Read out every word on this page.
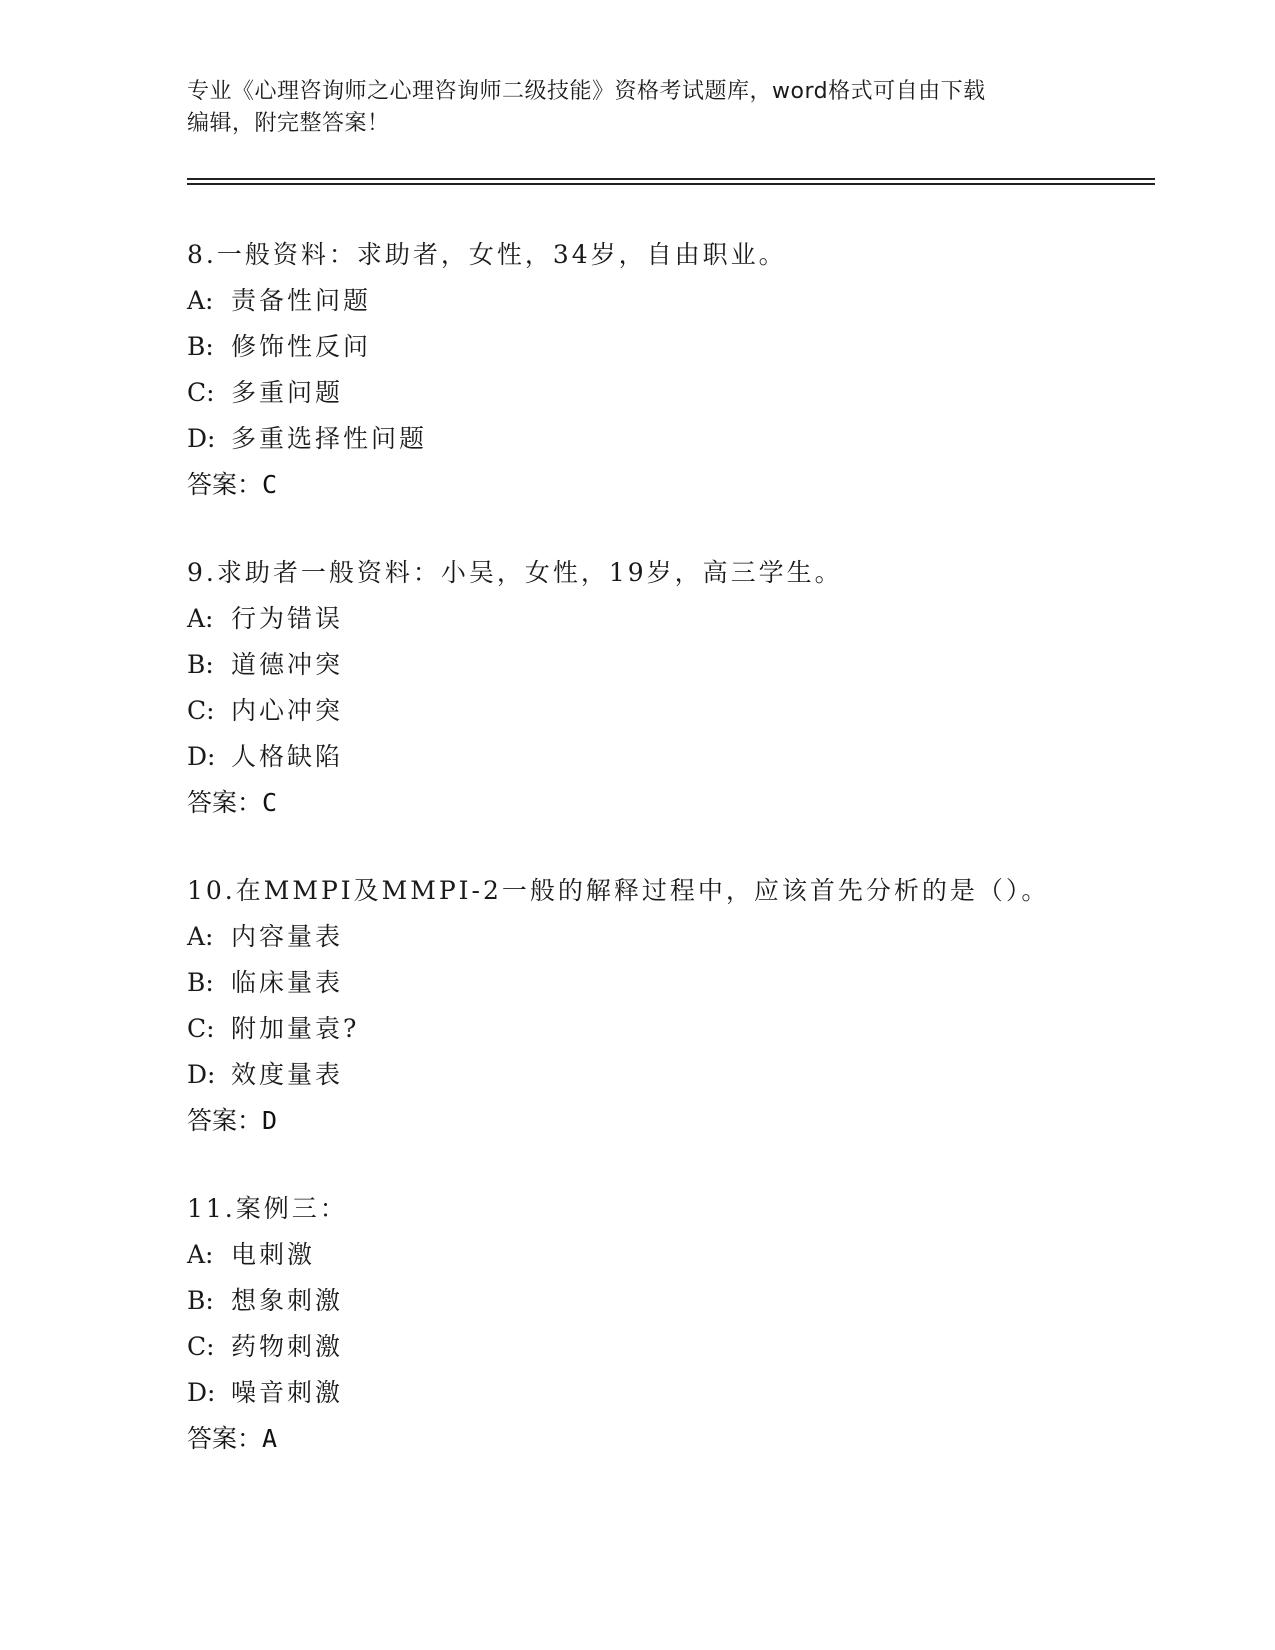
专业《心理咨询师之心理咨询师二级技能》资格考试题库，word格式可自由下载
编辑，附完整答案！
8.一般资料：求助者，女性，34岁，自由职业。
A: 责备性问题
B: 修饰性反问
C: 多重问题
D: 多重选择性问题
答案：C
9.求助者一般资料：小吴，女性，19岁，高三学生。
A: 行为错误
B: 道德冲突
C: 内心冲突
D: 人格缺陷
答案：C
10.在MMPI及MMPI-2一般的解释过程中，应该首先分析的是（）。
A: 内容量表
B: 临床量表
C: 附加量袁?
D: 效度量表
答案：D
11.案例三：
A: 电刺激
B: 想象刺激
C: 药物刺激
D: 噪音刺激
答案：A
